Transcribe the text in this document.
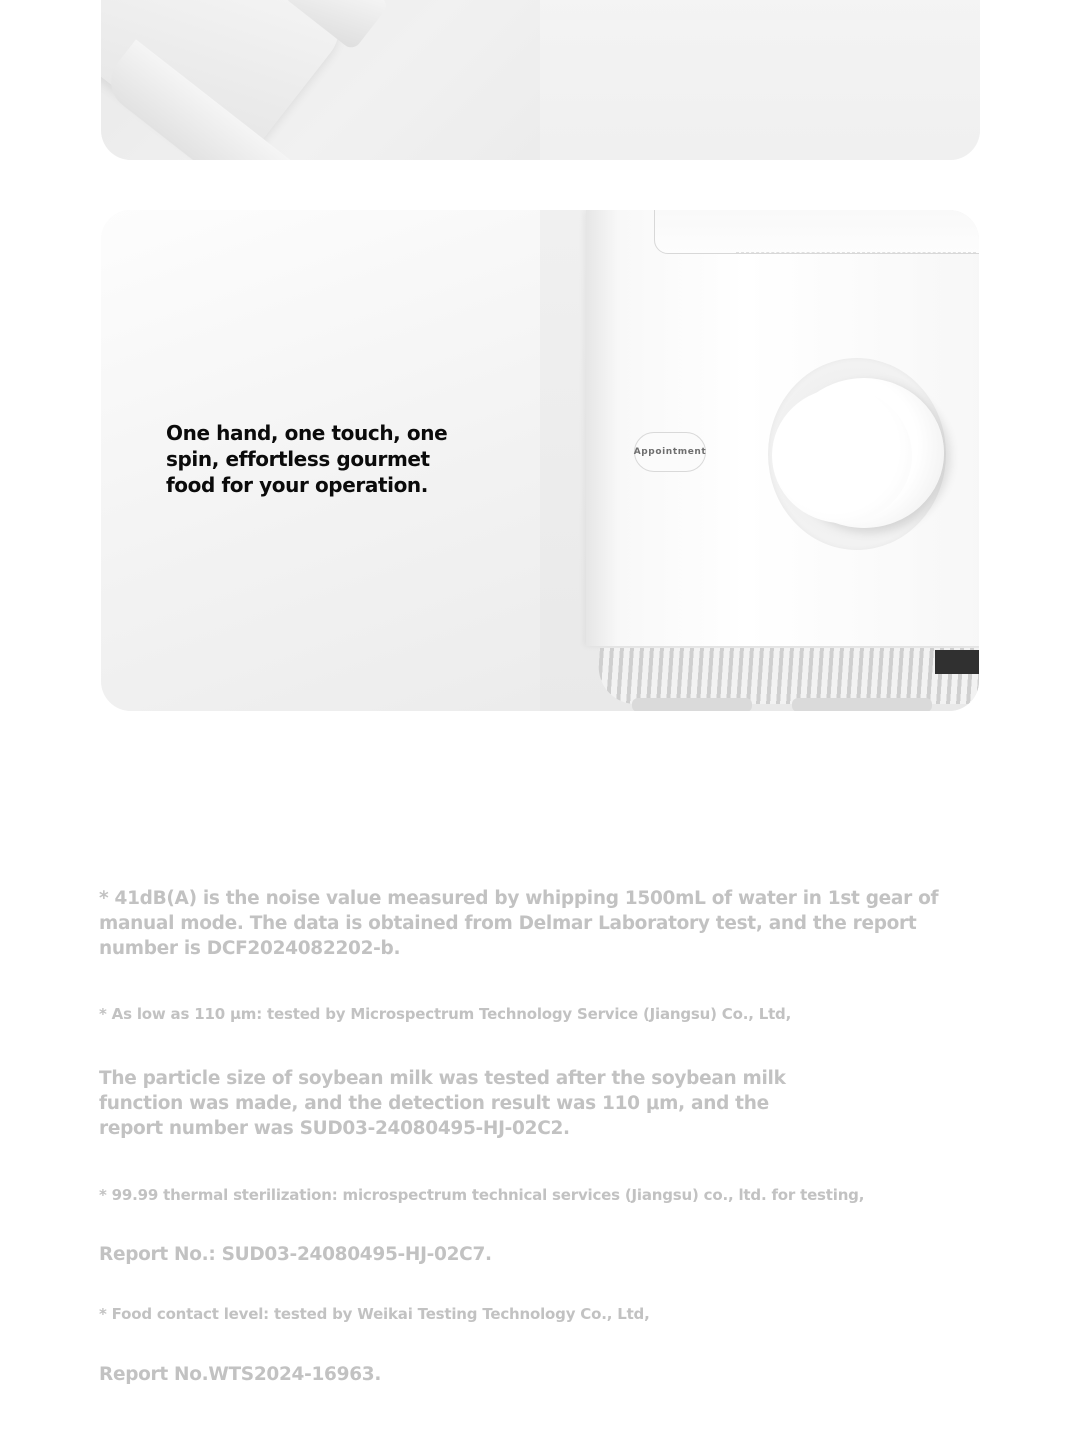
One hand, one touch, one spin, effortless gourmet food for your operation.
Appointment
* 41dB(A) is the noise value measured by whipping 1500mL of water in 1st gear of manual mode. The data is obtained from Delmar Laboratory test, and the report number is DCF2024082202-b.
* As low as 110 μm: tested by Microspectrum Technology Service (Jiangsu) Co., Ltd,
The particle size of soybean milk was tested after the soybean milk function was made, and the detection result was 110 μm, and the report number was SUD03-24080495-HJ-02C2.
* 99.99 thermal sterilization: microspectrum technical services (Jiangsu) co., ltd. for testing,
Report No.: SUD03-24080495-HJ-02C7.
* Food contact level: tested by Weikai Testing Technology Co., Ltd,
Report No.WTS2024-16963.
